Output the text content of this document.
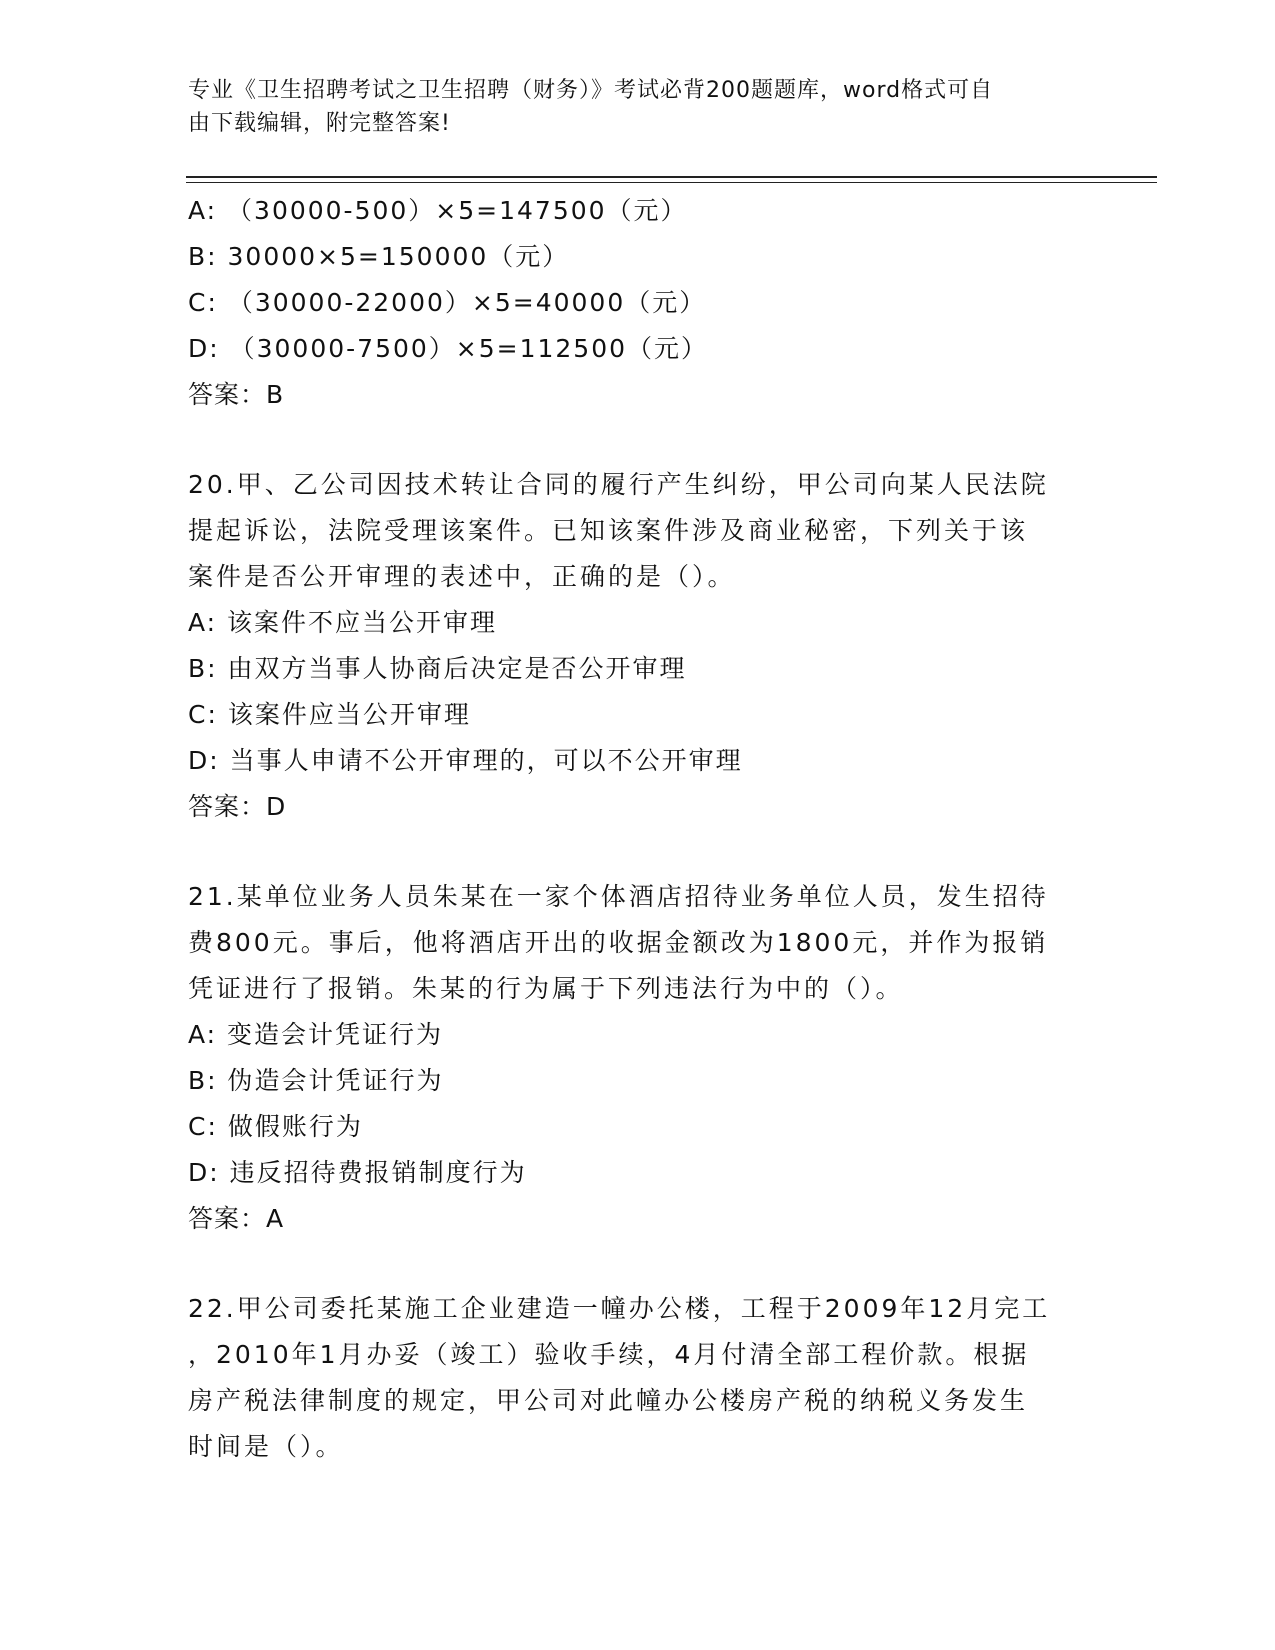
专业《卫生招聘考试之卫生招聘（财务）》考试必背200题题库，word格式可自
由下载编辑，附完整答案!
A: （30000-500）×5=147500（元）
B: 30000×5=150000（元）
C: （30000-22000）×5=40000（元）
D: （30000-7500）×5=112500（元）
答案：B
20.甲、乙公司因技术转让合同的履行产生纠纷，甲公司向某人民法院
提起诉讼，法院受理该案件。已知该案件涉及商业秘密，下列关于该
案件是否公开审理的表述中，正确的是（）。
A: 该案件不应当公开审理
B: 由双方当事人协商后决定是否公开审理
C: 该案件应当公开审理
D: 当事人申请不公开审理的，可以不公开审理
答案：D
21.某单位业务人员朱某在一家个体酒店招待业务单位人员，发生招待
费800元。事后，他将酒店开出的收据金额改为1800元，并作为报销
凭证进行了报销。朱某的行为属于下列违法行为中的（）。
A: 变造会计凭证行为
B: 伪造会计凭证行为
C: 做假账行为
D: 违反招待费报销制度行为
答案：A
22.甲公司委托某施工企业建造一幢办公楼，工程于2009年12月完工
，2010年1月办妥（竣工）验收手续，4月付清全部工程价款。根据
房产税法律制度的规定，甲公司对此幢办公楼房产税的纳税义务发生
时间是（）。
